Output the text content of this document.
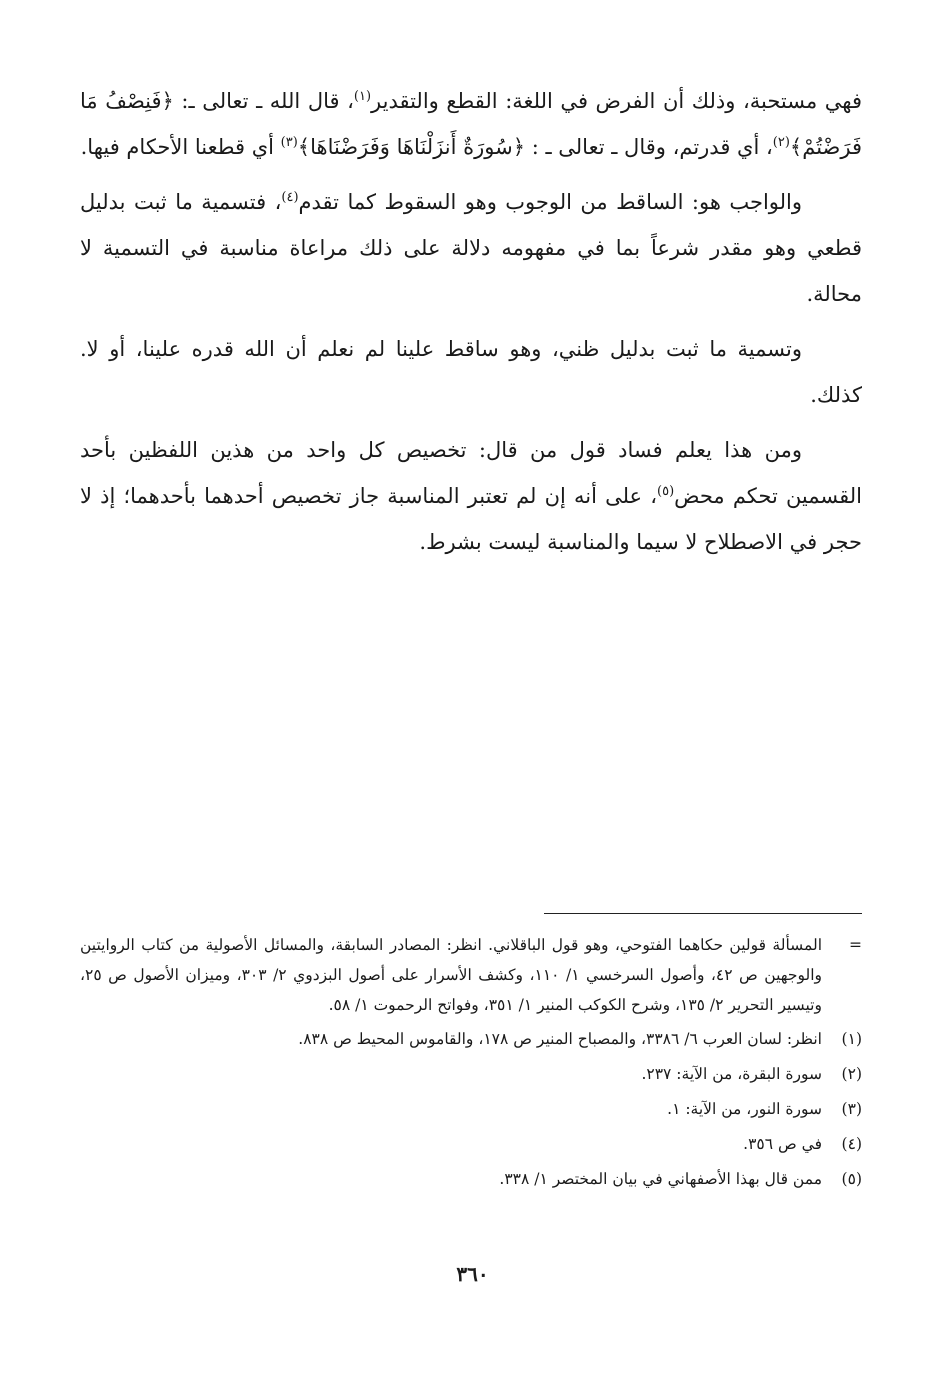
فهي مستحبة، وذلك أن الفرض في اللغة: القطع والتقدير$^{(١)}$، قال الله ـ تعالى ـ: ﴿فَنِصْفُ مَا فَرَضْتُمْ﴾$^{(٢)}$، أي قدرتم، وقال ـ تعالى ـ : ﴿سُورَةٌ أَنزَلْنَاهَا وَفَرَضْنَاهَا﴾$^{(٣)}$ أي قطعنا الأحكام فيها.

والواجب هو: الساقط من الوجوب وهو السقوط كما تقدم$^{(٤)}$، فتسمية ما ثبت بدليل قطعي وهو مقدر شرعاً بما في مفهومه دلالة على ذلك مراعاة مناسبة في التسمية لا محالة.

وتسمية ما ثبت بدليل ظني، وهو ساقط علينا لم نعلم أن الله قدره علينا، أو لا. كذلك.

ومن هذا يعلم فساد قول من قال: تخصيص كل واحد من هذين اللفظين بأحد القسمين تحكم محض$^{(٥)}$، على أنه إن لم تعتبر المناسبة جاز تخصيص أحدهما بأحدهما؛ إذ لا حجر في الاصطلاح لا سيما والمناسبة ليست بشرط.

=
المسألة قولين حكاهما الفتوحي، وهو قول الباقلاني. انظر: المصادر السابقة، والمسائل الأصولية من كتاب الروايتين والوجهين ص ٤٢، وأصول السرخسي ١/ ١١٠، وكشف الأسرار على أصول البزدوي ٢/ ٣٠٣، وميزان الأصول ص ٢٥، وتيسير التحرير ٢/ ١٣٥، وشرح الكوكب المنير ١/ ٣٥١، وفواتح الرحموت ١/ ٥٨.
(١)
انظر: لسان العرب ٦/ ٣٣٨٦، والمصباح المنير ص ١٧٨، والقاموس المحيط ص ٨٣٨.
(٢)
سورة البقرة، من الآية: ٢٣٧.
(٣)
سورة النور، من الآية: ١.
(٤)
في ص ٣٥٦.
(٥)
ممن قال بهذا الأصفهاني في بيان المختصر ١/ ٣٣٨.
٣٦٠
